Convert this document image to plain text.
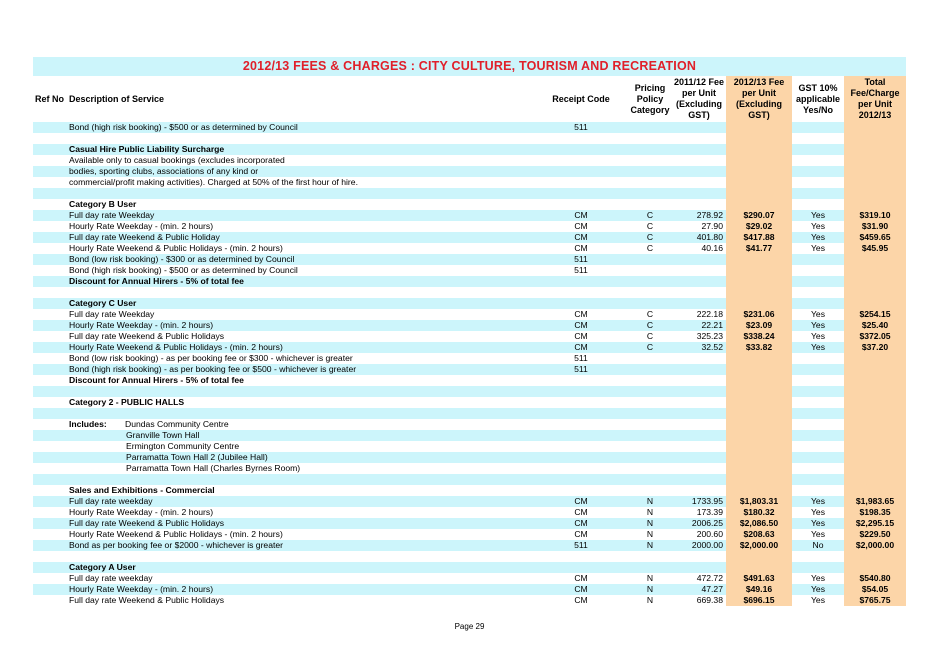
2012/13 FEES & CHARGES : CITY CULTURE, TOURISM AND RECREATION
Ref No	Description of Service	Receipt Code	Pricing Policy Category	2011/12 Fee per Unit (Excluding GST)	2012/13 Fee per Unit (Excluding GST)	GST 10% applicable Yes/No	Total Fee/Charge per Unit 2012/13
	Bond (high risk booking) - $500 or as determined by Council	511					

	Casual Hire Public Liability Surcharge						
	Available only to casual bookings (excludes incorporated						
	bodies, sporting clubs, associations of any kind or						
	commercial/profit making activities). Charged at 50% of the first hour of hire.						

	Category B User						
	Full day rate Weekday	CM	C	278.92	$290.07	Yes	$319.10
	Hourly Rate Weekday - (min. 2 hours)	CM	C	27.90	$29.02	Yes	$31.90
	Full day rate Weekend & Public Holiday	CM	C	401.80	$417.88	Yes	$459.65
	Hourly Rate Weekend & Public Holidays - (min. 2 hours)	CM	C	40.16	$41.77	Yes	$45.95
	Bond (low risk booking) - $300 or as determined by Council	511					
	Bond (high risk booking) - $500 or as determined by Council	511					
	Discount for Annual Hirers - 5% of total fee						

	Category C User						
	Full day rate Weekday	CM	C	222.18	$231.06	Yes	$254.15
	Hourly Rate Weekday - (min. 2 hours)	CM	C	22.21	$23.09	Yes	$25.40
	Full day rate Weekend & Public Holidays	CM	C	325.23	$338.24	Yes	$372.05
	Hourly Rate Weekend & Public Holidays - (min. 2 hours)	CM	C	32.52	$33.82	Yes	$37.20
	Bond (low risk booking) - as per booking fee or $300 - whichever is greater	511					
	Bond (high risk booking) - as per booking fee or $500 - whichever is greater	511					
	Discount for Annual Hirers - 5% of total fee						

	Category 2 - PUBLIC HALLS						

	Includes: Dundas Community Centre						
	Granville Town Hall						
	Ermington Community Centre						
	Parramatta Town Hall 2 (Jubilee Hall)						
	Parramatta Town Hall (Charles Byrnes Room)						

	Sales and Exhibitions - Commercial						
	Full day rate weekday	CM	N	1733.95	$1,803.31	Yes	$1,983.65
	Hourly Rate Weekday - (min. 2 hours)	CM	N	173.39	$180.32	Yes	$198.35
	Full day rate Weekend & Public Holidays	CM	N	2006.25	$2,086.50	Yes	$2,295.15
	Hourly Rate Weekend & Public Holidays - (min. 2 hours)	CM	N	200.60	$208.63	Yes	$229.50
	Bond as per booking fee or $2000 - whichever is greater	511	N	2000.00	$2,000.00	No	$2,000.00

	Category A User						
	Full day rate weekday	CM	N	472.72	$491.63	Yes	$540.80
	Hourly Rate Weekday - (min. 2 hours)	CM	N	47.27	$49.16	Yes	$54.05
	Full day rate Weekend & Public Holidays	CM	N	669.38	$696.15	Yes	$765.75
Page 29
